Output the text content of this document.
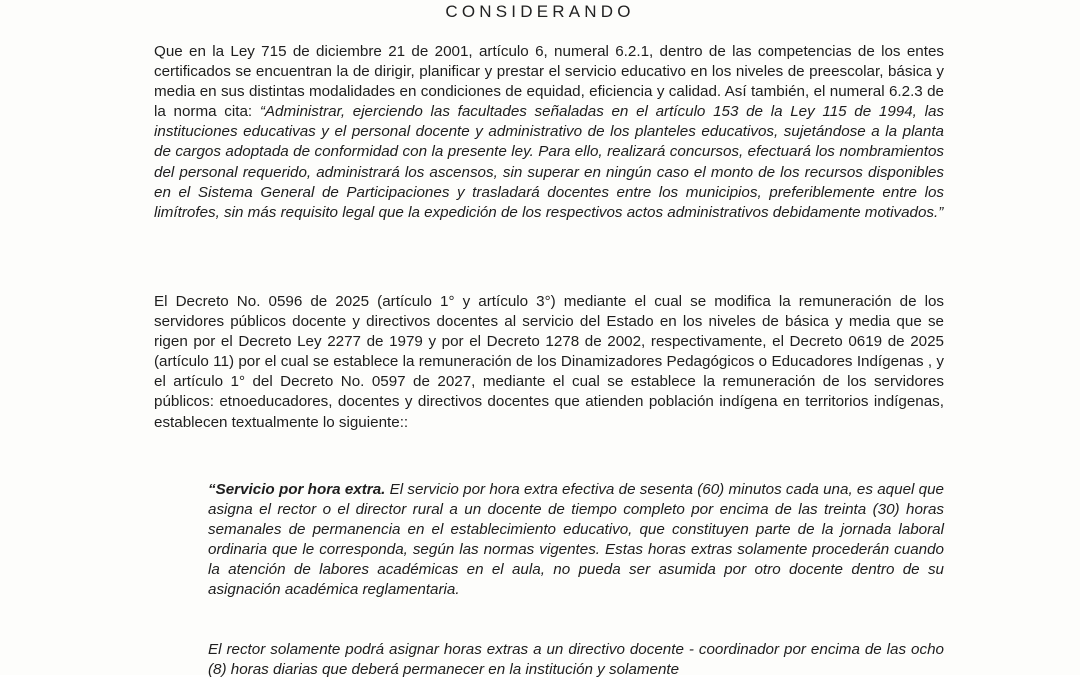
CONSIDERANDO

Que en la Ley 715 de diciembre 21 de 2001, artículo 6, numeral 6.2.1, dentro de las competencias de los entes certificados se encuentran la de dirigir, planificar y prestar el servicio educativo en los niveles de preescolar, básica y media en sus distintas modalidades en condiciones de equidad, eficiencia y calidad. Así también, el numeral 6.2.3 de la norma cita: “Administrar, ejerciendo las facultades señaladas en el artículo 153 de la Ley 115 de 1994, las instituciones educativas y el personal docente y administrativo de los planteles educativos, sujetándose a la planta de cargos adoptada de conformidad con la presente ley. Para ello, realizará concursos, efectuará los nombramientos del personal requerido, administrará los ascensos, sin superar en ningún caso el monto de los recursos disponibles en el Sistema General de Participaciones y trasladará docentes entre los municipios, preferiblemente entre los limítrofes, sin más requisito legal que la expedición de los respectivos actos administrativos debidamente motivados.”

El Decreto No. 0596 de 2025 (artículo 1° y artículo 3°) mediante el cual se modifica la remuneración de los servidores públicos docente y directivos docentes al servicio del Estado en los niveles de básica y media que se rigen por el Decreto Ley 2277 de 1979 y por el Decreto 1278 de 2002, respectivamente, el Decreto 0619 de 2025 (artículo 11) por el cual se establece la remuneración de los Dinamizadores Pedagógicos o Educadores Indígenas , y el artículo 1° del Decreto No. 0597 de 2027, mediante el cual se establece la remuneración de los servidores públicos: etnoeducadores, docentes y directivos docentes que atienden población indígena en territorios indígenas, establecen textualmente lo siguiente::

“Servicio por hora extra. El servicio por hora extra efectiva de sesenta (60) minutos cada una, es aquel que asigna el rector o el director rural a un docente de tiempo completo por encima de las treinta (30) horas semanales de permanencia en el establecimiento educativo, que constituyen parte de la jornada laboral ordinaria que le corresponda, según las normas vigentes. Estas horas extras solamente procederán cuando la atención de labores académicas en el aula, no pueda ser asumida por otro docente dentro de su asignación académica reglamentaria.

El rector solamente podrá asignar horas extras a un directivo docente - coordinador por encima de las ocho (8) horas diarias que deberá permanecer en la institución y solamente
